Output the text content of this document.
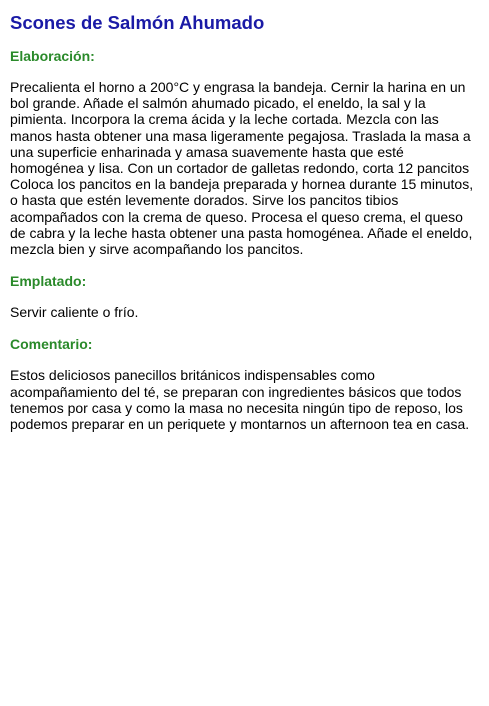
Scones de Salmón Ahumado
Elaboración:
Precalienta el horno a 200°C y engrasa la bandeja. Cernir la harina en un bol grande. Añade el salmón ahumado picado, el eneldo, la sal y la pimienta. Incorpora la crema ácida y la leche cortada. Mezcla con las manos hasta obtener una masa ligeramente pegajosa. Traslada la masa a una superficie enharinada y amasa suavemente hasta que esté homogénea y lisa. Con un cortador de galletas redondo, corta 12 pancitos Coloca los pancitos en la bandeja preparada y hornea durante 15 minutos, o hasta que estén levemente dorados. Sirve los pancitos tibios acompañados con la crema de queso. Procesa el queso crema, el queso de cabra y la leche hasta obtener una pasta homogénea. Añade el eneldo, mezcla bien y sirve acompañando los pancitos.
Emplatado:
Servir caliente o frío.
Comentario:
Estos deliciosos panecillos británicos indispensables como acompañamiento del té, se preparan con ingredientes básicos que todos tenemos por casa y como la masa no necesita ningún tipo de reposo, los podemos preparar en un periquete y montarnos un afternoon tea en casa.
